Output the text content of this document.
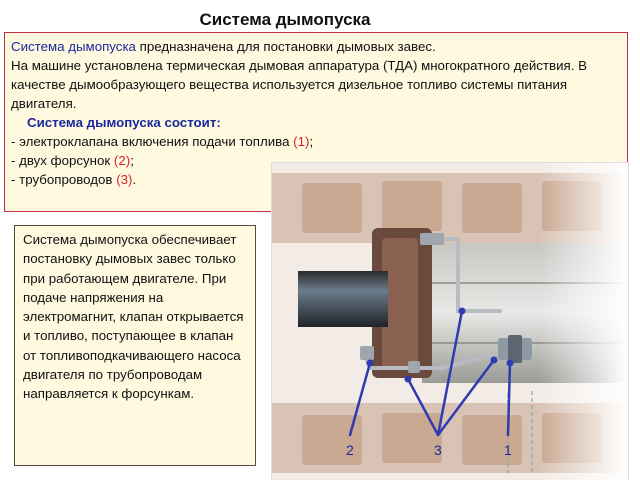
Система дымопуска

Система дымопуска предназначена для постановки дымовых завес.

На машине установлена термическая дымовая аппаратура (ТДА) многократного действия. В качестве дымообразующего вещества используется дизельное топливо системы питания двигателя.

Система дымопуска состоит:

- электроклапана включения подачи топлива (1);

- двух форсунок (2);

- трубопроводов (3).

Система дымопуска обеспечивает постановку дымовых завес только при работающем двигателе. При подаче напряжения на электромагнит, клапан открывается и топливо, поступающее в клапан от топливоподкачивающего насоса двигателя по трубопроводам направляется к форсункам.
2	3	1
